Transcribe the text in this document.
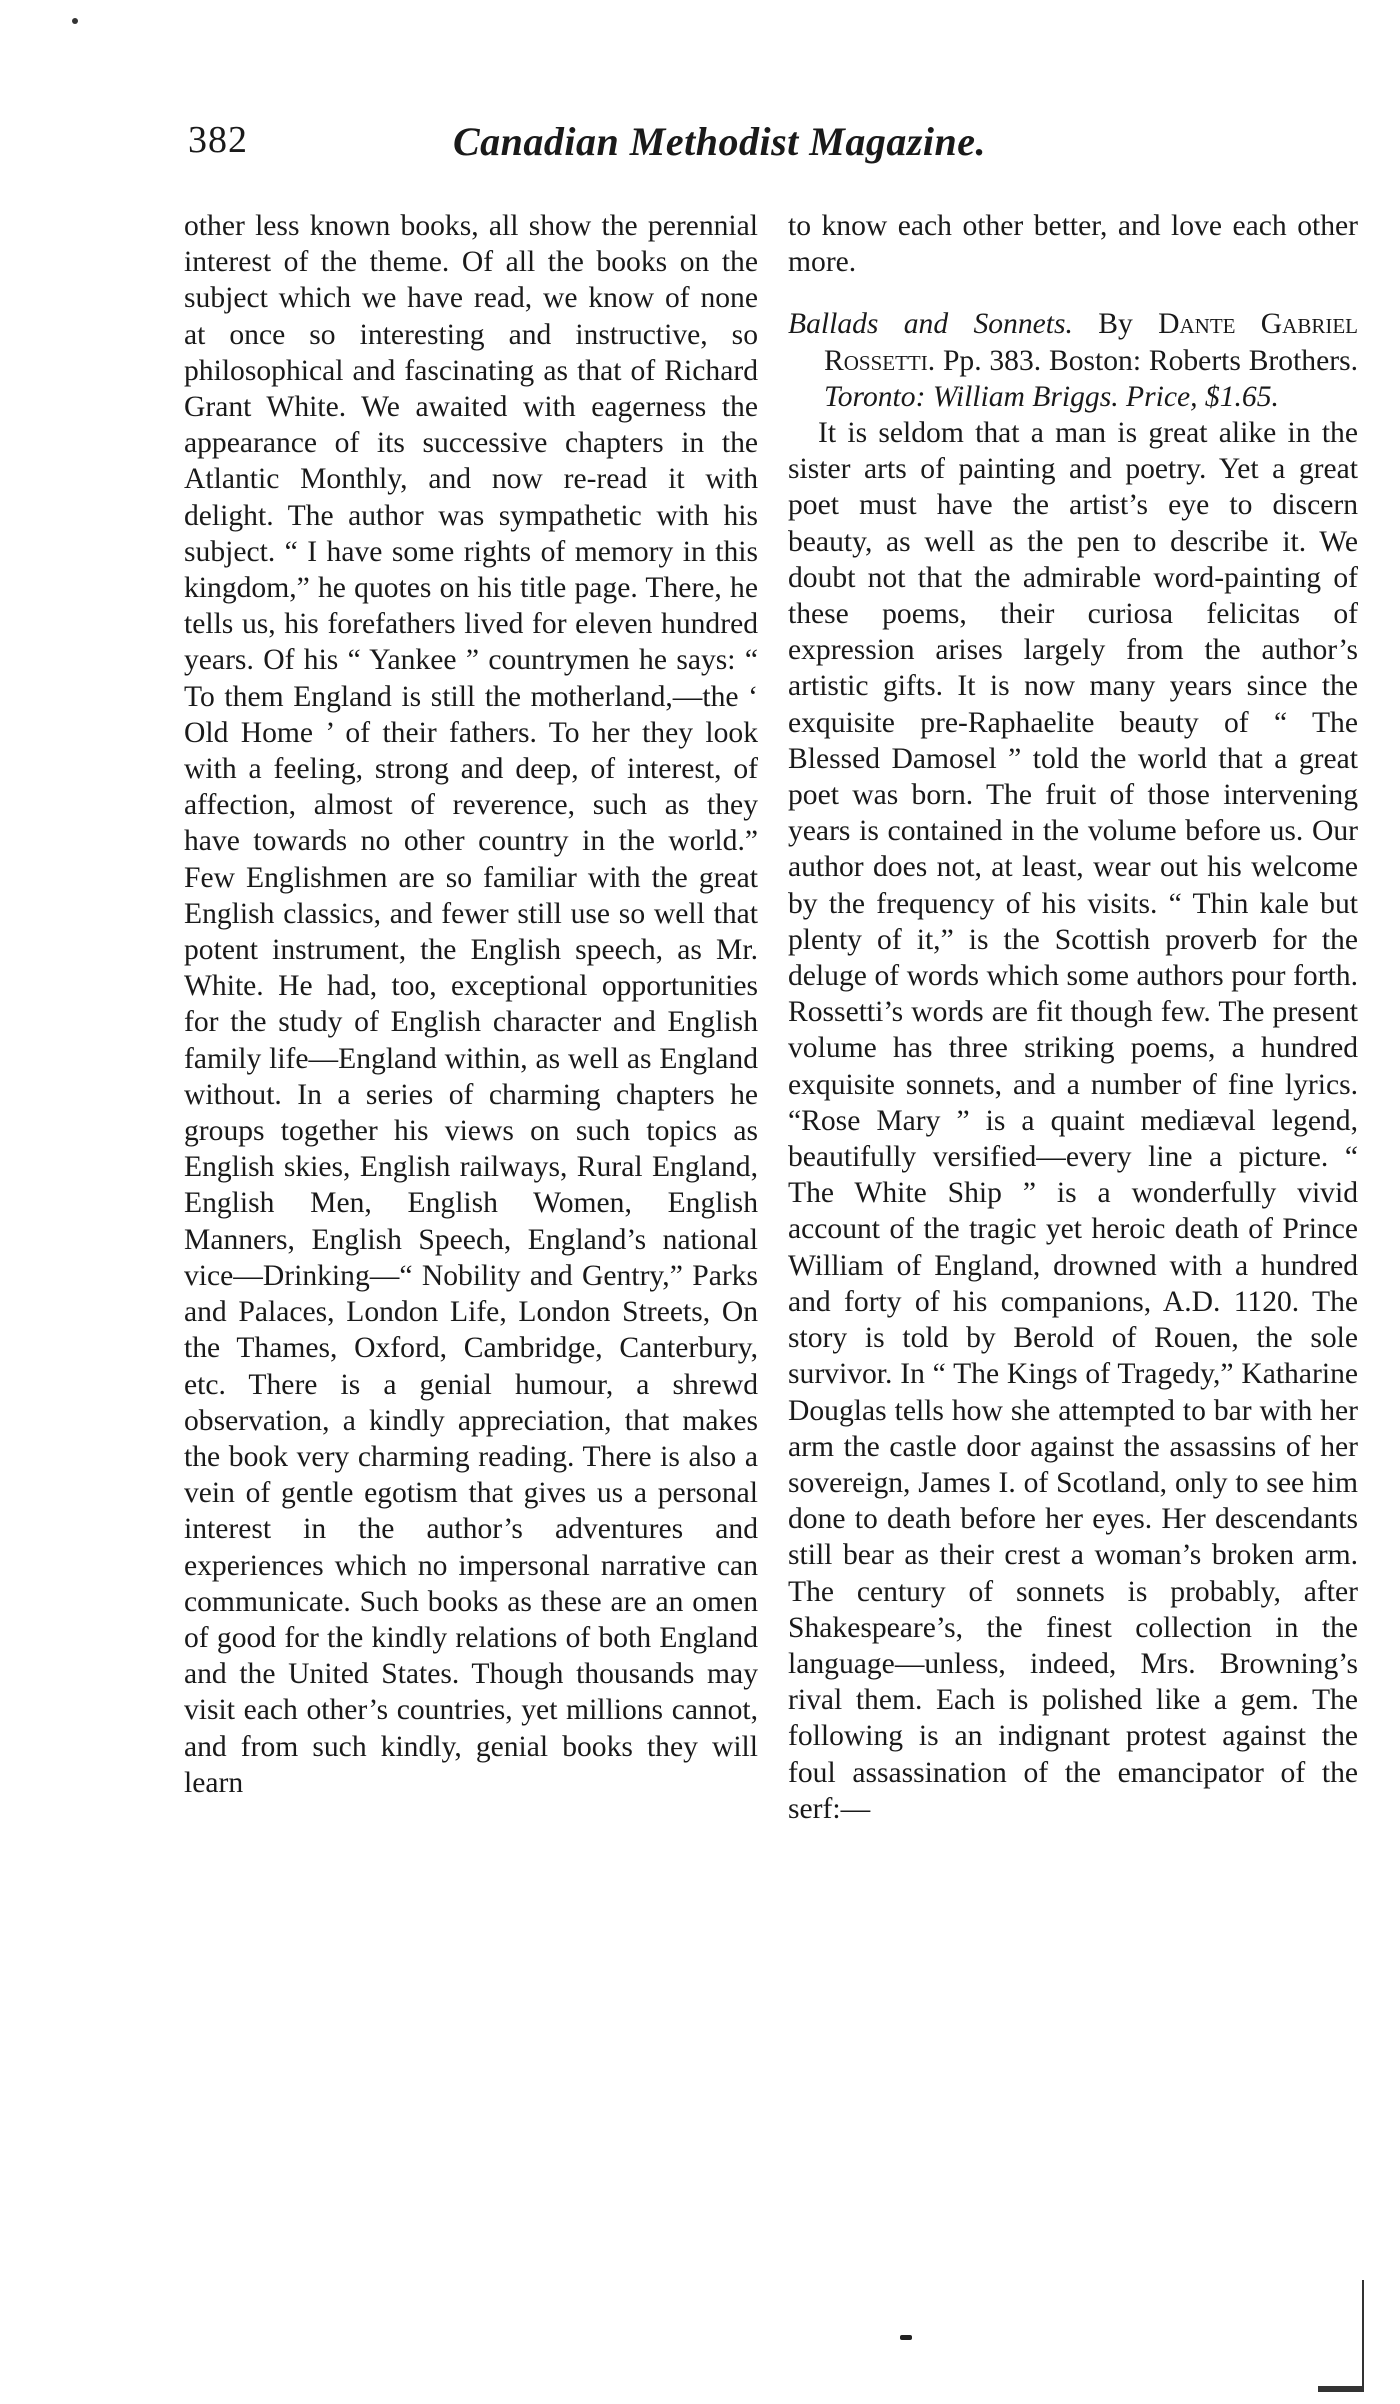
382	Canadian Methodist Magazine.

other less known books, all show the perennial interest of the theme. Of all the books on the subject which we have read, we know of none at once so interesting and instructive, so philosophical and fascinating as that of Richard Grant White. We awaited with eagerness the appearance of its successive chapters in the Atlantic Monthly, and now re-read it with delight. The author was sympathetic with his subject. “ I have some rights of memory in this kingdom,” he quotes on his title page. There, he tells us, his forefathers lived for eleven hundred years. Of his “ Yankee ” countrymen he says: “ To them England is still the motherland,—the ‘ Old Home ’ of their fathers. To her they look with a feeling, strong and deep, of interest, of affection, almost of reverence, such as they have towards no other country in the world.” Few Englishmen are so familiar with the great English classics, and fewer still use so well that potent instrument, the English speech, as Mr. White. He had, too, exceptional opportunities for the study of English character and English family life—England within, as well as England without. In a series of charming chapters he groups together his views on such topics as English skies, English railways, Rural England, English Men, English Women, English Manners, English Speech, England’s national vice—Drinking—“ Nobility and Gentry,” Parks and Palaces, London Life, London Streets, On the Thames, Oxford, Cambridge, Canterbury, etc. There is a genial humour, a shrewd observation, a kindly appreciation, that makes the book very charming reading. There is also a vein of gentle egotism that gives us a personal interest in the author’s adventures and experiences which no impersonal narrative can communicate. Such books as these are an omen of good for the kindly relations of both England and the United States. Though thousands may visit each other’s countries, yet millions cannot, and from such kindly, genial books they will learn

to know each other better, and love each other more.

Ballads and Sonnets. By Dante Gabriel Rossetti. Pp. 383. Boston: Roberts Brothers. Toronto: William Briggs. Price, $1.65.

It is seldom that a man is great alike in the sister arts of painting and poetry. Yet a great poet must have the artist’s eye to discern beauty, as well as the pen to describe it. We doubt not that the admirable word-painting of these poems, their curiosa felicitas of expression arises largely from the author’s artistic gifts. It is now many years since the exquisite pre-Raphaelite beauty of “ The Blessed Damosel ” told the world that a great poet was born. The fruit of those intervening years is contained in the volume before us. Our author does not, at least, wear out his welcome by the frequency of his visits. “ Thin kale but plenty of it,” is the Scottish proverb for the deluge of words which some authors pour forth. Rossetti’s words are fit though few. The present volume has three striking poems, a hundred exquisite sonnets, and a number of fine lyrics. “Rose Mary ” is a quaint mediæval legend, beautifully versified—every line a picture. “ The White Ship ” is a wonderfully vivid account of the tragic yet heroic death of Prince William of England, drowned with a hundred and forty of his companions, A.D. 1120. The story is told by Berold of Rouen, the sole survivor. In “ The Kings of Tragedy,” Katharine Douglas tells how she attempted to bar with her arm the castle door against the assassins of her sovereign, James I. of Scotland, only to see him done to death before her eyes. Her descendants still bear as their crest a woman’s broken arm. The century of sonnets is probably, after Shakespeare’s, the finest collection in the language—unless, indeed, Mrs. Browning’s rival them. Each is polished like a gem. The following is an indignant protest against the foul assassination of the emancipator of the serf:—
